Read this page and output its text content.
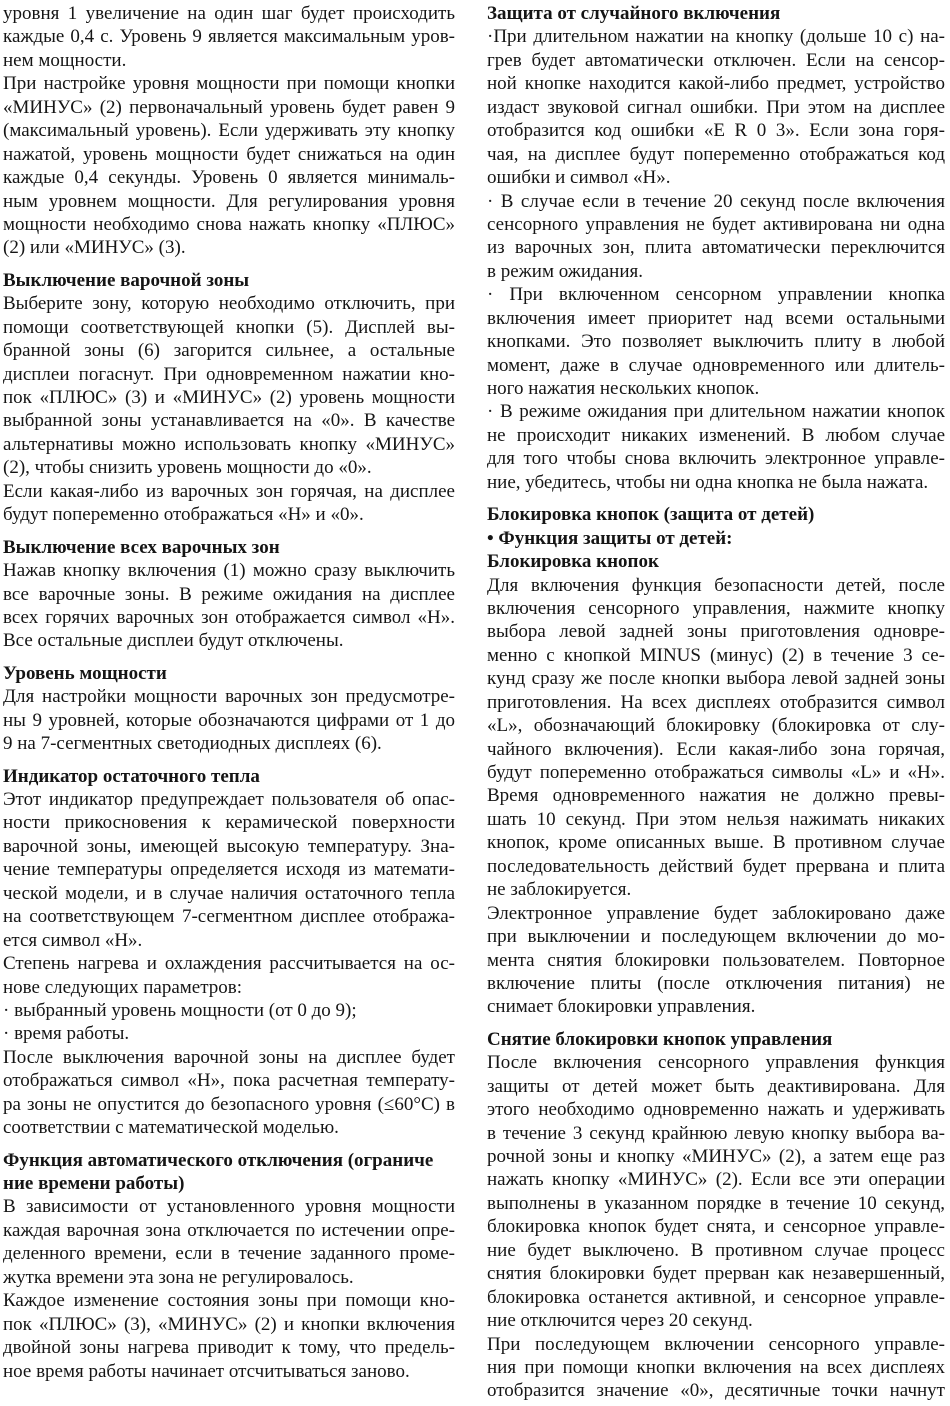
уровня 1 увеличение на один шаг будет происходить
каждые 0,4 с. Уровень 9 является максимальным уров-
нем мощности.
При настройке уровня мощности при помощи кнопки
«МИНУС» (2) первоначальный уровень будет равен 9
(максимальный уровень). Если удерживать эту кнопку
нажатой, уровень мощности будет снижаться на один
каждые 0,4 секунды. Уровень 0 является минималь-
ным уровнем мощности. Для регулирования уровня
мощности необходимо снова нажать кнопку «ПЛЮС»
(2) или «МИНУС» (3).
Выключение варочной зоны
Выберите зону, которую необходимо отключить, при
помощи соответствующей кнопки (5). Дисплей вы-
бранной зоны (6) загорится сильнее, а остальные
дисплеи погаснут. При одновременном нажатии кно-
пок «ПЛЮС» (3) и «МИНУС» (2) уровень мощности
выбранной зоны устанавливается на «0». В качестве
альтернативы можно использовать кнопку «МИНУС»
(2), чтобы снизить уровень мощности до «0».
Если какая-либо из варочных зон горячая, на дисплее
будут попеременно отображаться «Н» и «0».
Выключение всех варочных зон
Нажав кнопку включения (1) можно сразу выключить
все варочные зоны. В режиме ожидания на дисплее
всех горячих варочных зон отображается символ «Н».
Все остальные дисплеи будут отключены.
Уровень мощности
Для настройки мощности варочных зон предусмотре-
ны 9 уровней, которые обозначаются цифрами от 1 до
9 на 7-сегментных светодиодных дисплеях (6).
Индикатор остаточного тепла
Этот индикатор предупреждает пользователя об опас-
ности прикосновения к керамической поверхности
варочной зоны, имеющей высокую температуру. Зна-
чение температуры определяется исходя из математи-
ческой модели, и в случае наличия остаточного тепла
на соответствующем 7-сегментном дисплее отобража-
ется символ «Н».
Степень нагрева и охлаждения рассчитывается на ос-
нове следующих параметров:
· выбранный уровень мощности (от 0 до 9);
· время работы.
После выключения варочной зоны на дисплее будет
отображаться символ «Н», пока расчетная температу-
ра зоны не опустится до безопасного уровня (≤60°С) в
соответствии с математической моделью.
Функция автоматического отключения (ограниче
ние времени работы)
В зависимости от установленного уровня мощности
каждая варочная зона отключается по истечении опре-
деленного времени, если в течение заданного проме-
жутка времени эта зона не регулировалось.
Каждое изменение состояния зоны при помощи кно-
пок «ПЛЮС» (3), «МИНУС» (2) и кнопки включения
двойной зоны нагрева приводит к тому, что предель-
ное время работы начинает отсчитываться заново.
Защита от случайного включения
·При длительном нажатии на кнопку (дольше 10 с) на-
грев будет автоматически отключен. Если на сенсор-
ной кнопке находится какой-либо предмет, устройство
издаст звуковой сигнал ошибки. При этом на дисплее
отобразится код ошибки «E R 0 3». Если зона горя-
чая, на дисплее будут попеременно отображаться код
ошибки и символ «Н».
· В случае если в течение 20 секунд после включения
сенсорного управления не будет активирована ни одна
из варочных зон, плита автоматически переключится
в режим ожидания.
· При включенном сенсорном управлении кнопка
включения имеет приоритет над всеми остальными
кнопками. Это позволяет выключить плиту в любой
момент, даже в случае одновременного или длитель-
ного нажатия нескольких кнопок.
· В режиме ожидания при длительном нажатии кнопок
не происходит никаких изменений. В любом случае
для того чтобы снова включить электронное управле-
ние, убедитесь, чтобы ни одна кнопка не была нажата.
Блокировка кнопок (защита от детей)
• Функция защиты от детей:
Блокировка кнопок
Для включения функция безопасности детей, после
включения сенсорного управления, нажмите кнопку
выбора левой задней зоны приготовления одновре-
менно с кнопкой MINUS (минус) (2) в течение 3 се-
кунд сразу же после кнопки выбора левой задней зоны
приготовления. На всех дисплеях отобразится символ
«L», обозначающий блокировку (блокировка от слу-
чайного включения). Если какая-либо зона горячая,
будут попеременно отображаться символы «L» и «Н».
Время одновременного нажатия не должно превы-
шать 10 секунд. При этом нельзя нажимать никаких
кнопок, кроме описанных выше. В противном случае
последовательность действий будет прервана и плита
не заблокируется.
Электронное управление будет заблокировано даже
при выключении и последующем включении до мо-
мента снятия блокировки пользователем. Повторное
включение плиты (после отключения питания) не
снимает блокировки управления.
Снятие блокировки кнопок управления
После включения сенсорного управления функция
защиты от детей может быть деактивирована. Для
этого необходимо одновременно нажать и удерживать
в течение 3 секунд крайнюю левую кнопку выбора ва-
рочной зоны и кнопку «МИНУС» (2), а затем еще раз
нажать кнопку «МИНУС» (2). Если все эти операции
выполнены в указанном порядке в течение 10 секунд,
блокировка кнопок будет снята, и сенсорное управле-
ние будет выключено. В противном случае процесс
снятия блокировки будет прерван как незавершенный,
блокировка останется активной, и сенсорное управле-
ние отключится через 20 секунд.
При последующем включении сенсорного управле-
ния при помощи кнопки включения на всех дисплеях
отобразится значение «0», десятичные точки начнут
